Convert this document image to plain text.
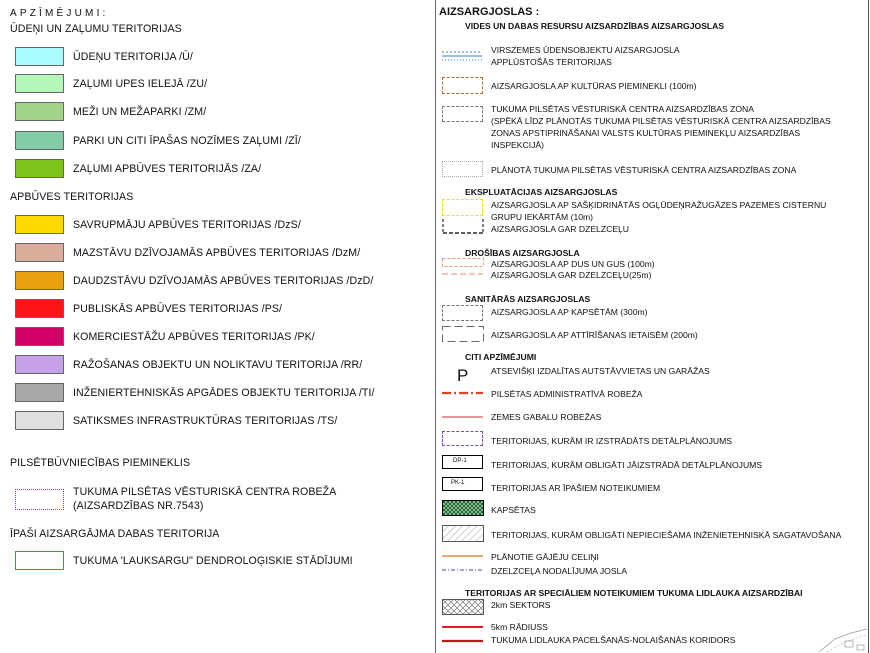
APZĪMĒJUMI:
ŪDEŅI UN ZAĻUMU TERITORIJAS
ŪDEŅU TERITORIJA /Ū/
ZAĻUMI UPES IELEJĀ /ZU/
MEŽI UN MEŽAPARKI /ZM/
PARKI UN CITI ĪPAŠAS NOZĪMES ZAĻUMI /ZĪ/
ZAĻUMI APBŪVES TERITORIJĀS /ZA/
APBŪVES TERITORIJAS
SAVRUPMĀJU APBŪVES TERITORIJAS /DzS/
MAZSTĀVU DZĪVOJAMĀS APBŪVES TERITORIJAS /DzM/
DAUDZSTĀVU DZĪVOJAMĀS APBŪVES TERITORIJAS /DzD/
PUBLISKĀS APBŪVES TERITORIJAS /PS/
KOMERCIESTĀŽU APBŪVES TERITORIJAS /PK/
RAŽOŠANAS OBJEKTU UN NOLIKTAVU TERITORIJA /RR/
INŽENIERTEHNISKĀS APGĀDES OBJEKTU TERITORIJA /TI/
SATIKSMES INFRASTRUKTŪRAS TERITORIJAS /TS/
PILSĒTBŪVNIECĪBAS PIEMINEKLIS
TUKUMA PILSĒTAS VĒSTURISKĀ CENTRA ROBEŽA
(AIZSARDZĪBAS NR.7543)
ĪPAŠI AIZSARGĀJMA DABAS TERITORIJA
TUKUMA 'LAUKSARGU" DENDROLOĢISKIE STĀDĪJUMI
AIZSARGJOSLAS :
VIDES UN DABAS RESURSU AIZSARDZĪBAS AIZSARGJOSLAS
VIRSZEMES ŪDENSOBJEKTU AIZSARGJOSLA
APPLŪSTOŠĀS TERITORIJAS
AIZSARGJOSLA AP KULTŪRAS PIEMINEKLI (100m)
TUKUMA PILSĒTAS VĒSTURISKĀ CENTRA AIZSARDZĪBAS ZONA
(SPĒKĀ LĪDZ PLĀNOTĀS TUKUMA PILSĒTAS VĒSTURISKĀ CENTRA AIZSARDZĪBAS
ZONAS APSTIPRINĀŠANAI VALSTS KULTŪRAS PIEMINEKĻU AIZSARDZĪBAS
INSPEKCIJĀ)
PLĀNOTĀ TUKUMA PILSĒTAS VĒSTURISKĀ CENTRA AIZSARDZĪBAS ZONA
EKSPLUATĀCIJAS AIZSARGJOSLAS
AIZSARGJOSLA AP SAŠĶIDRINĀTĀS OGĻŪDEŅRAŽUGĀZES PAZEMES CISTERNU
GRUPU IEKĀRTĀM (10m)
AIZSARGJOSLA GAR DZELZCEĻU
DROŠĪBAS AIZSARGJOSLA
AIZSARGJOSLA AP DUS UN GUS (100m)
AIZSARGJOSLA GAR DZELZCEĻU(25m)
SANITĀRĀS AIZSARGJOSLAS
AIZSARGJOSLA AP KAPSĒTĀM (300m)
AIZSARGJOSLA AP ATTĪRĪŠANAS IETAISĒM (200m)
CITI APZĪMĒJUMI
P	ATSEVIŠĶI IZDALĪTAS AUTSTĀVVIETAS UN GARĀŽAS
PILSĒTAS ADMINISTRATĪVĀ ROBEŽA
ZEMES GABALU ROBEŽAS
TERITORIJAS, KURĀM IR IZSTRĀDĀTS DETĀLPLĀNOJUMS
DP-1	TERITORIJAS, KURĀM OBLIGĀTI JĀIZSTRĀDĀ DETĀLPLĀNOJUMS
PK-1	TERITORIJAS AR ĪPAŠIEM NOTEIKUMIEM
KAPSĒTAS
TERITORIJAS, KURĀM OBLIGĀTI NEPIECIEŠAMA INŽENIETEHNISKĀ SAGATAVOŠANA
PLĀNOTIE GĀJĒJU CELIŅI
DZELZCEĻA NODALĪJUMA JOSLA
TERITORIJAS AR SPECIĀLIEM NOTEIKUMIEM TUKUMA LIDLAUKA AIZSARDZĪBAI
2km SEKTORS
5km RĀDIUSS
TUKUMA LIDLAUKA PACELŠANĀS-NOLAIŠANĀS KORIDORS
